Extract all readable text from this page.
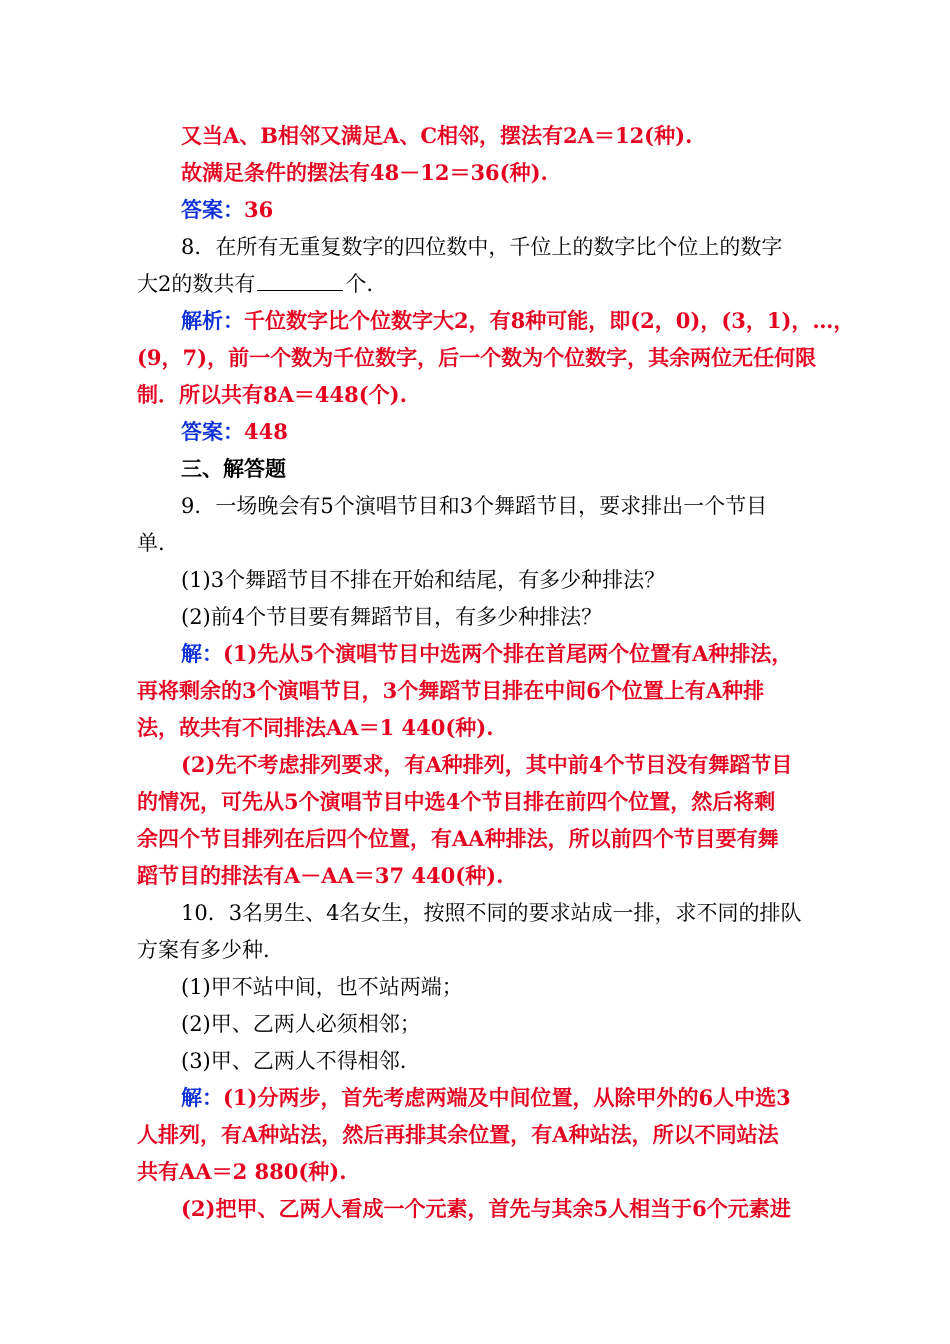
又当A、B相邻又满足A、C相邻，摆法有2A＝12(种).
故满足条件的摆法有48－12＝36(种).
答案：36
8．在所有无重复数字的四位数中，千位上的数字比个位上的数字
大2的数共有	个.
解析：千位数字比个位数字大2，有8种可能，即(2，0)，(3，1)，…，
(9，7)，前一个数为千位数字，后一个数为个位数字，其余两位无任何限
制．所以共有8A＝448(个).
答案：448
三、解答题
9．一场晚会有5个演唱节目和3个舞蹈节目，要求排出一个节目
单.
(1)3个舞蹈节目不排在开始和结尾，有多少种排法？
(2)前4个节目要有舞蹈节目，有多少种排法？
解：(1)先从5个演唱节目中选两个排在首尾两个位置有A种排法，
再将剩余的3个演唱节目，3个舞蹈节目排在中间6个位置上有A种排
法，故共有不同排法AA＝1 440(种).
(2)先不考虑排列要求，有A种排列，其中前4个节目没有舞蹈节目
的情况，可先从5个演唱节目中选4个节目排在前四个位置，然后将剩
余四个节目排列在后四个位置，有AA种排法，所以前四个节目要有舞
蹈节目的排法有A－AA＝37 440(种).
10．3名男生、4名女生，按照不同的要求站成一排，求不同的排队
方案有多少种.
(1)甲不站中间，也不站两端；
(2)甲、乙两人必须相邻；
(3)甲、乙两人不得相邻.
解：(1)分两步，首先考虑两端及中间位置，从除甲外的6人中选3
人排列，有A种站法，然后再排其余位置，有A种站法，所以不同站法
共有AA＝2 880(种).
(2)把甲、乙两人看成一个元素，首先与其余5人相当于6个元素进
